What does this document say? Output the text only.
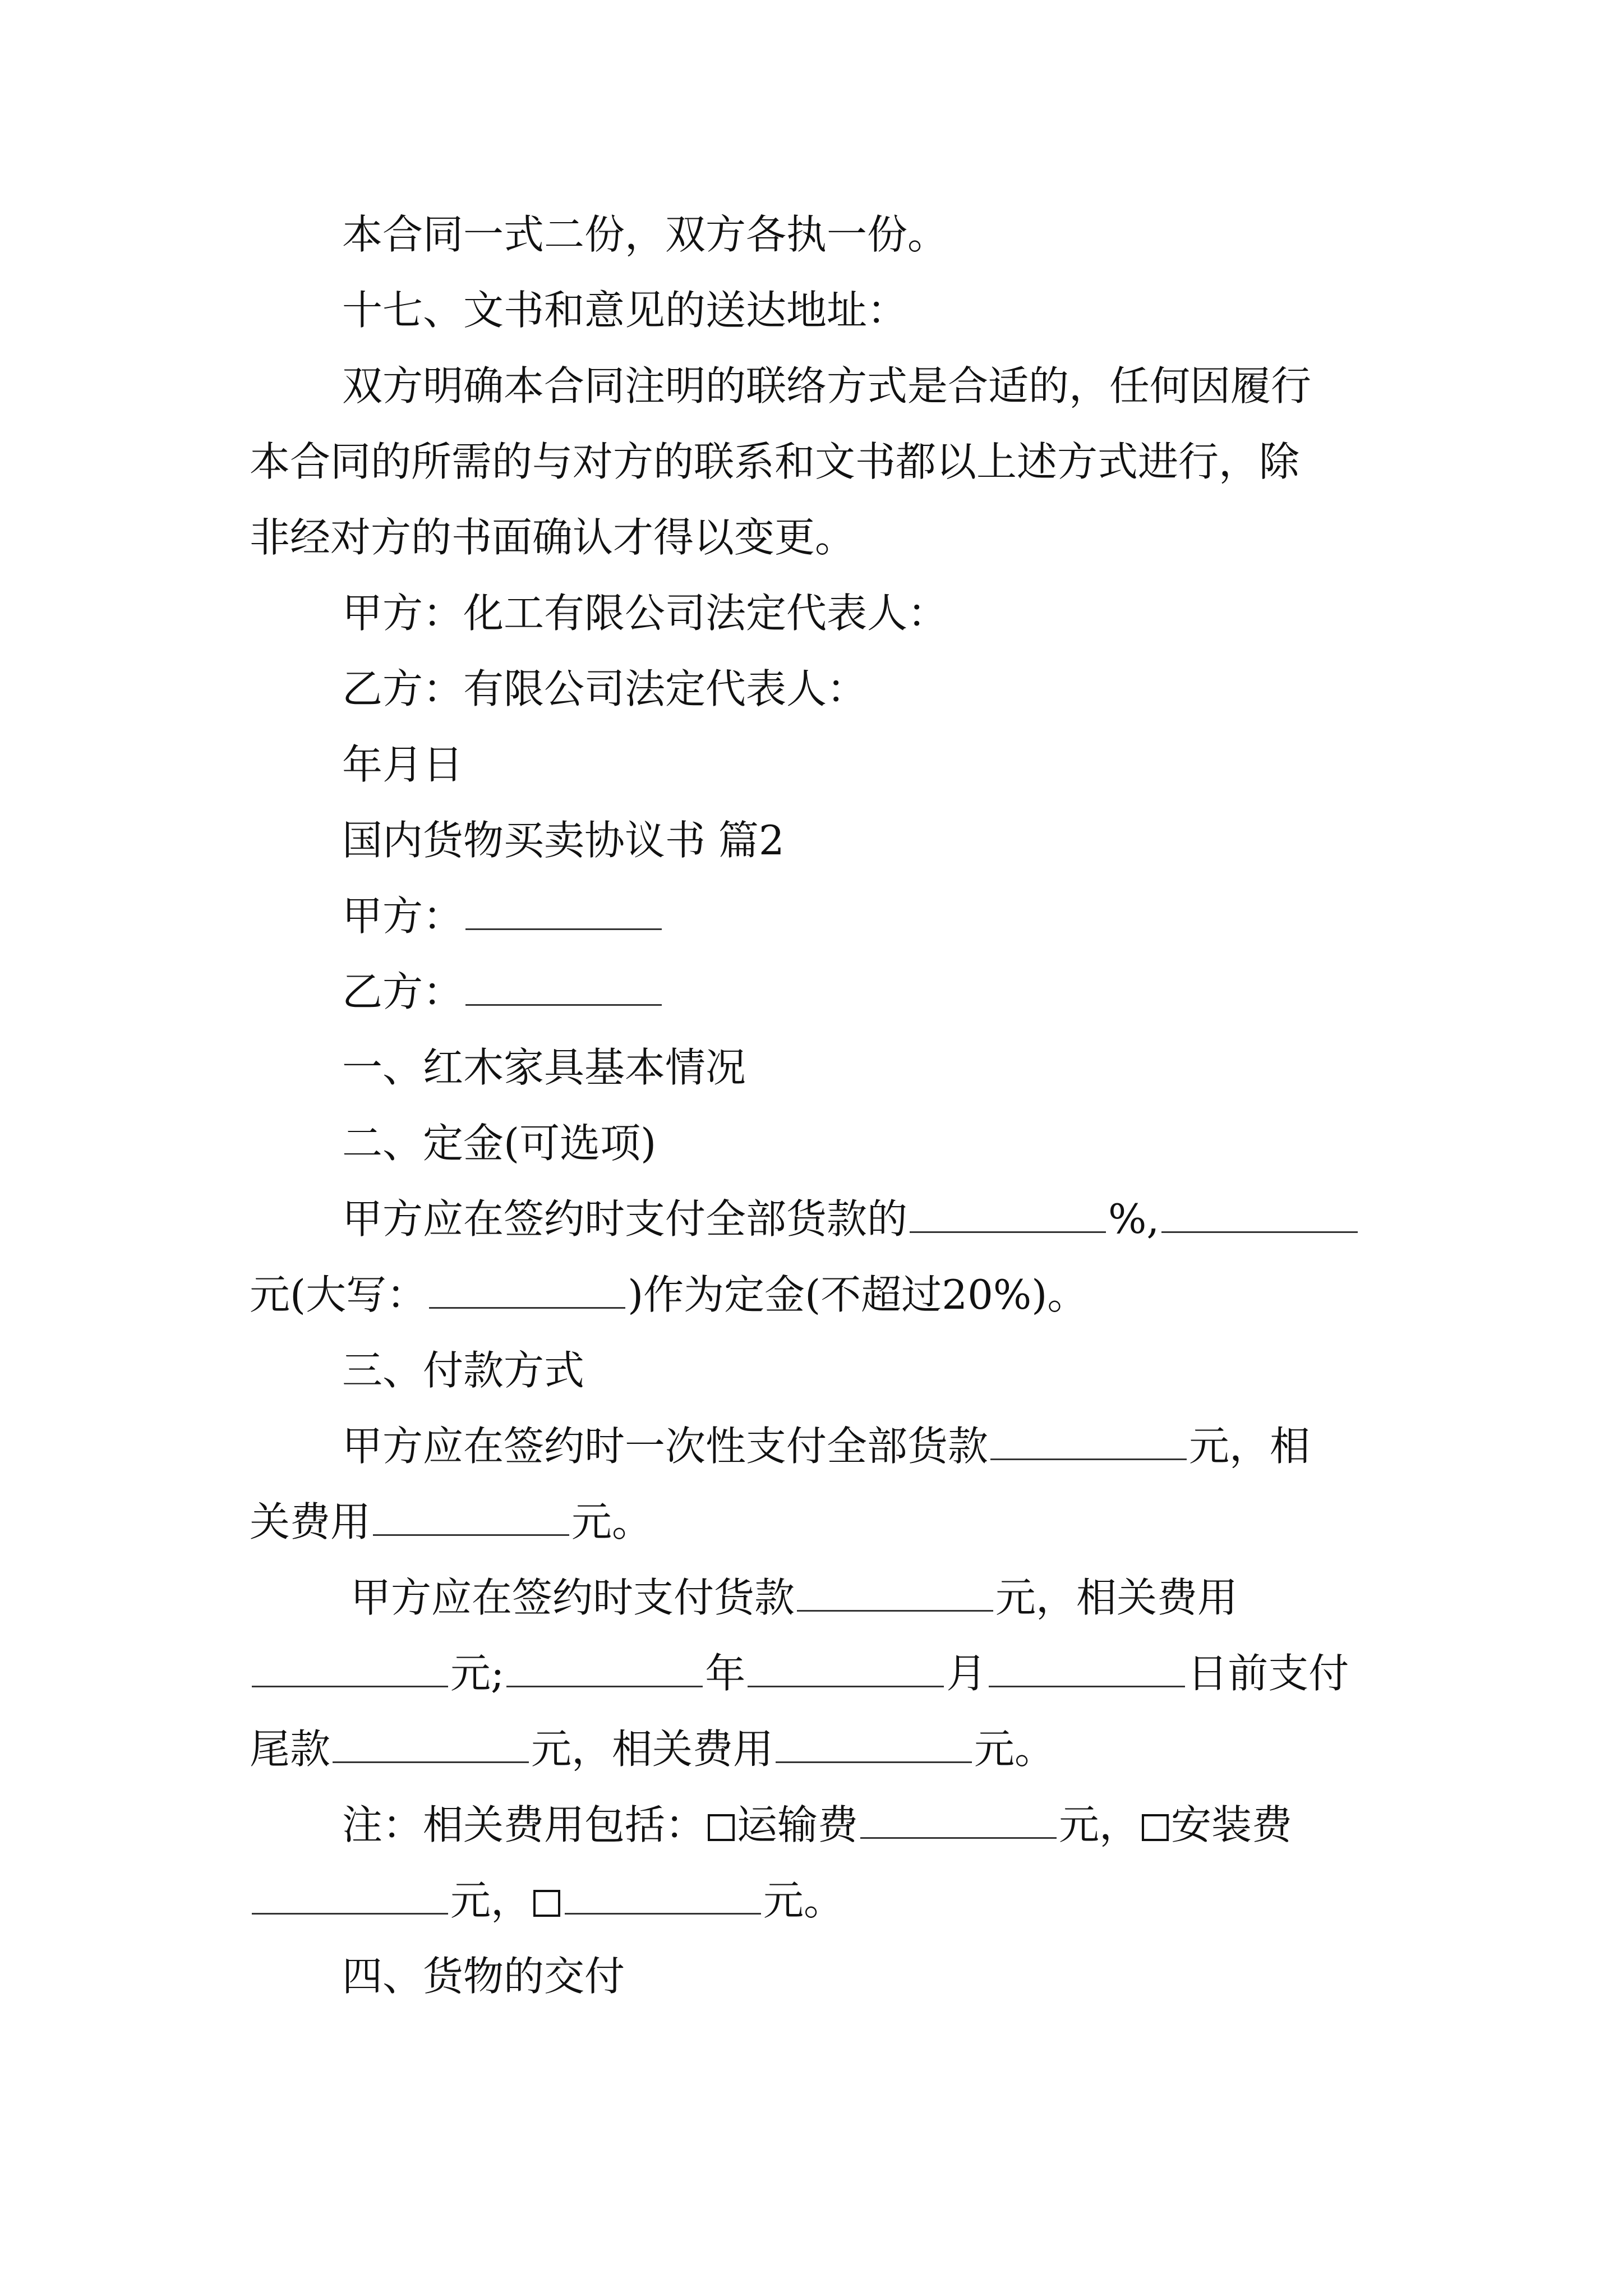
本合同一式二份，双方各执一份。
十七、文书和意见的送达地址：
双方明确本合同注明的联络方式是合适的，任何因履行
本合同的所需的与对方的联系和文书都以上述方式进行，除
非经对方的书面确认才得以变更。
甲方：化工有限公司法定代表人：
乙方：有限公司法定代表人：
年月日
国内货物买卖协议书 篇2
甲方：
乙方：
一、红木家具基本情况
二、定金(可选项)
甲方应在签约时支付全部货款的	%,
元(大写：	)作为定金(不超过20%)。
三、付款方式
甲方应在签约时一次性支付全部货款	元，相
关费用	元。
甲方应在签约时支付货款	元，相关费用
元;	年	月	日前支付
尾款	元，相关费用	元。
注：相关费用包括： 运输费	元， 安装费
元，	元。
四、货物的交付
